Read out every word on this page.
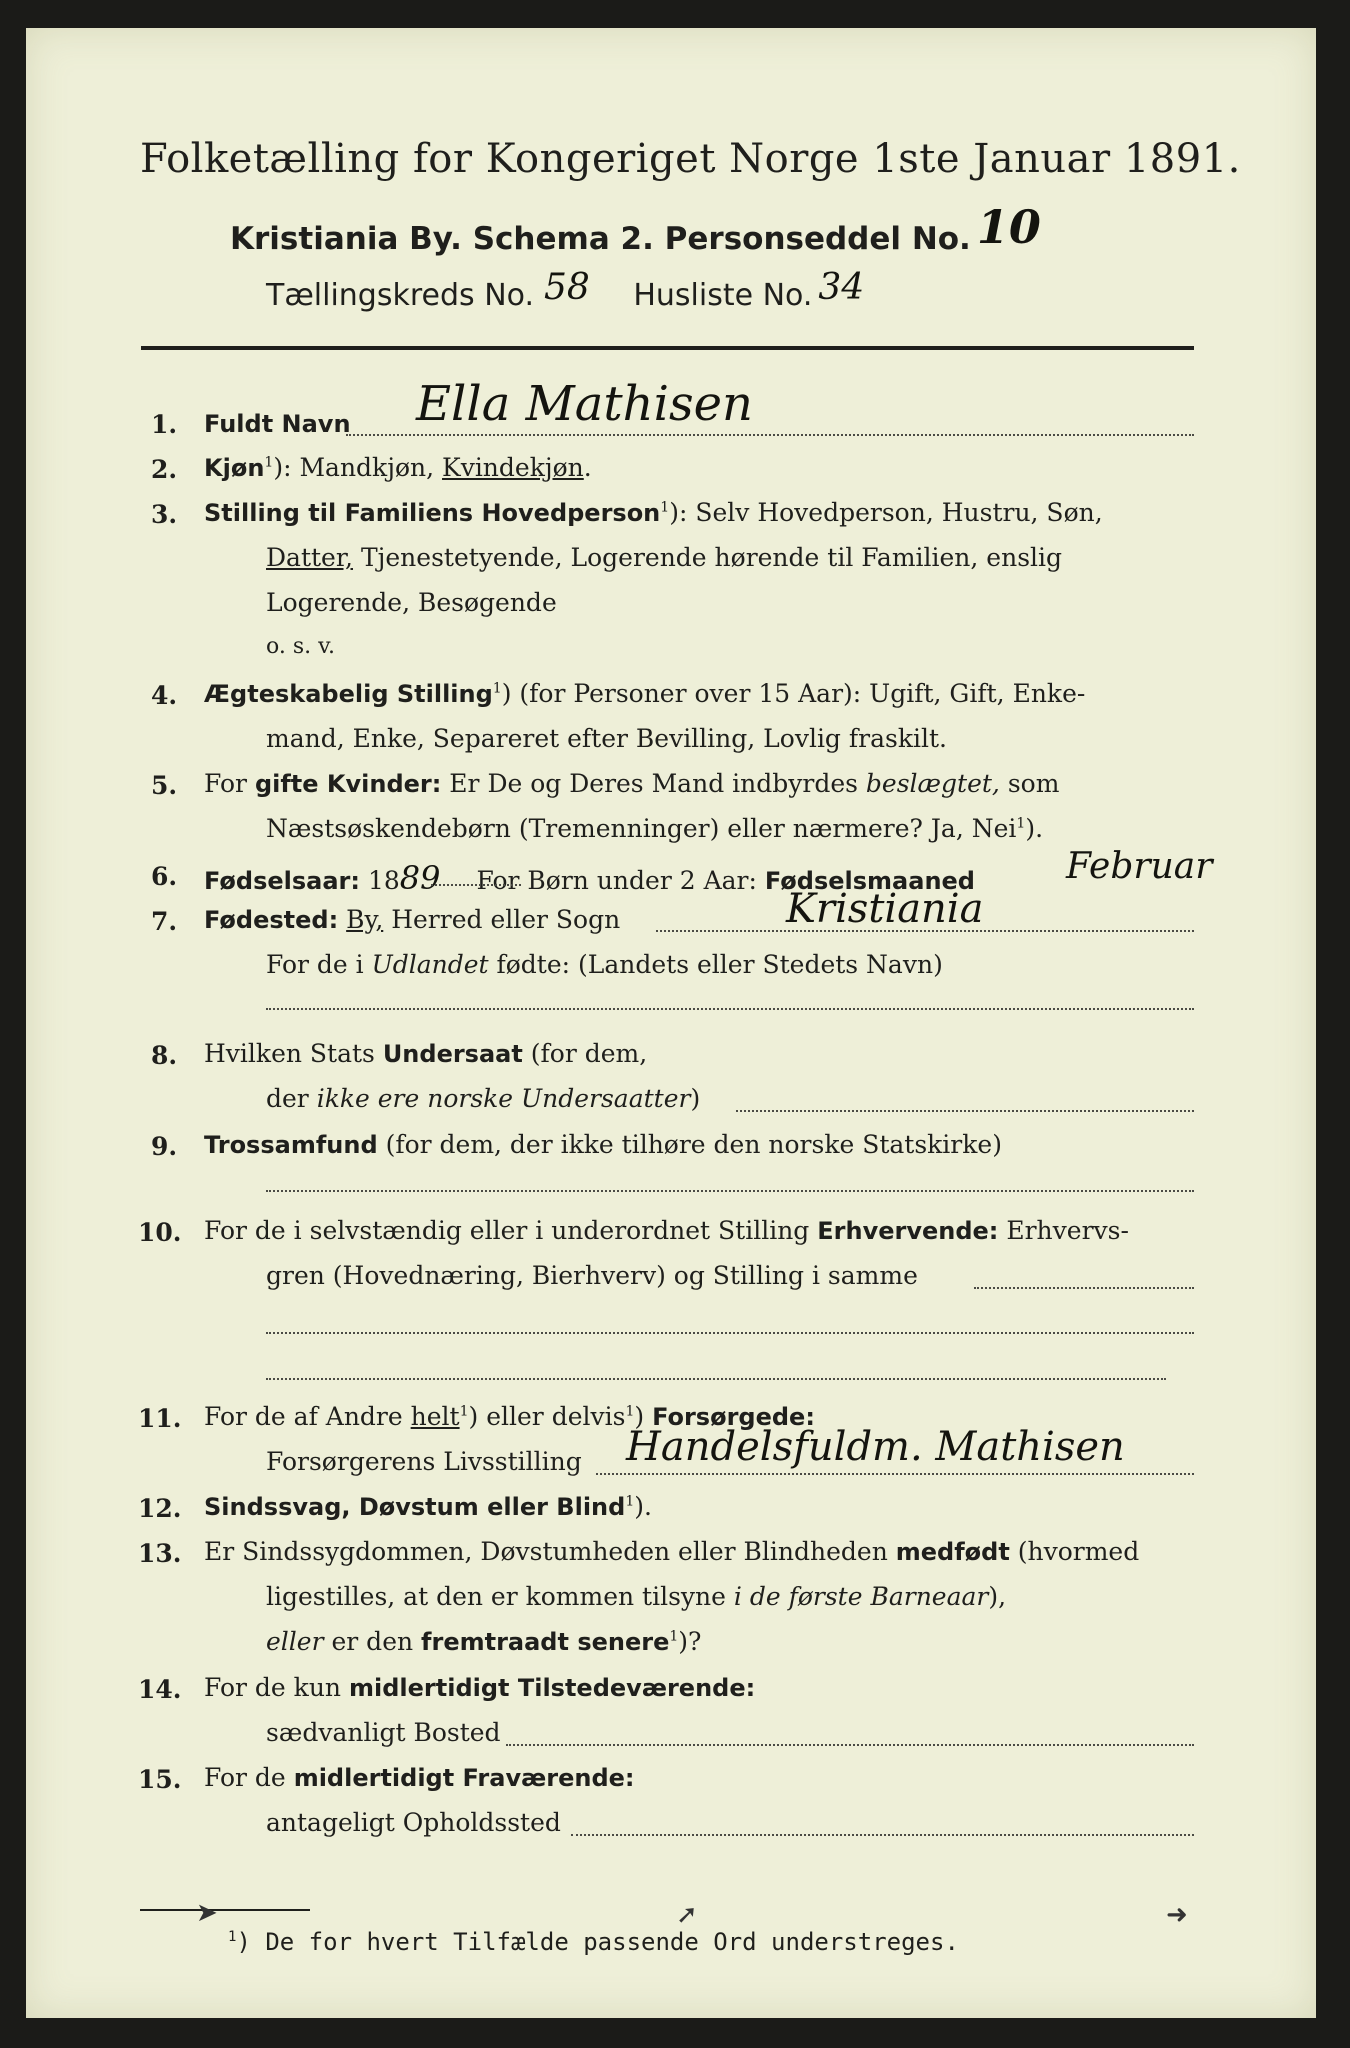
Folketælling for Kongeriget Norge 1ste Januar 1891.
Kristiania By. Schema 2. Personseddel No. 10
Tællingskreds No. 58 Husliste No. 34
1. Fuldt Navn Ella Mathisen
2. Kjøn$^1$): Mandkjøn, Kvindekjøn.
3. Stilling til Familiens Hovedperson$^1$): Selv Hovedperson, Hustru, Søn,
Datter, Tjenestetyende, Logerende hørende til Familien, enslig
Logerende, Besøgende
o. s. v.
4. Ægteskabelig Stilling$^1$) (for Personer over 15 Aar): Ugift, Gift, Enke-
mand, Enke, Separeret efter Bevilling, Lovlig fraskilt.
5. For gifte Kvinder: Er De og Deres Mand indbyrdes beslægtet, som
Næstsøskendebørn (Tremenninger) eller nærmere? Ja, Nei$^1$).
6. Fødselsaar: 1889 For Børn under 2 Aar: Fødselsmaaned	Februar
7. Fødested: By, Herred eller Sogn	Kristiania
For de i Udlandet fødte: (Landets eller Stedets Navn)
8. Hvilken Stats Undersaat (for dem,
der ikke ere norske Undersaatter)
9. Trossamfund (for dem, der ikke tilhøre den norske Statskirke)
10. For de i selvstændig eller i underordnet Stilling Erhvervende: Erhvervs-
gren (Hovednæring, Bierhverv) og Stilling i samme
11. For de af Andre helt$^1$) eller delvis$^1$) Forsørgede:
Forsørgerens Livsstilling Handelsfuldm. Mathisen
12. Sindssvag, Døvstum eller Blind$^1$).
13. Er Sindssygdommen, Døvstumheden eller Blindheden medfødt (hvormed
ligestilles, at den er kommen tilsyne i de første Barneaar),
eller er den fremtraadt senere$^1$)?
14. For de kun midlertidigt Tilstedeværende:
sædvanligt Bosted
15. For de midlertidigt Fraværende:
antageligt Opholdssted
$^1$) De for hvert Tilfælde passende Ord understreges.
➤	➚	➜
